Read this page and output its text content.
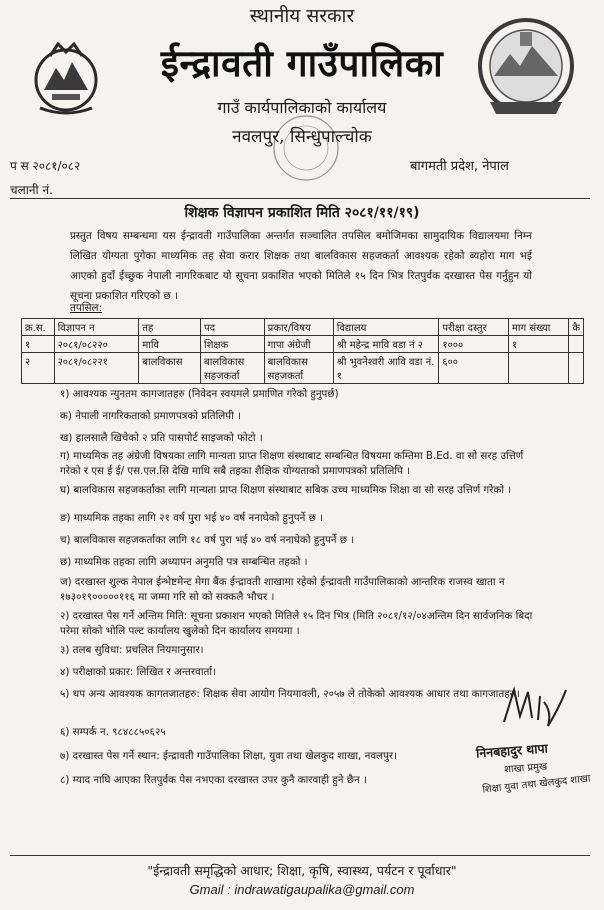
स्थानीय सरकार
ईन्द्रावती गाउँपालिका
गाउँ कार्यपालिकाको कार्यालय
नवलपुर, सिन्धुपाल्चोक
प स २०८१/०८२
चलानी नं.
बागमती प्रदेश, नेपाल
शिक्षक विज्ञापन प्रकाशित मिति २०८१/११/१९)
प्रस्तुत विषय सम्बन्धमा यस ईन्द्रावती गाउँपालिका अन्तर्गत सञ्चालित तपसिल बमोजिमका सामुदायिक विद्यालयमा निम्न लिखित योग्यता पुगेका माध्यमिक तह सेवा करार शिक्षक तथा बालविकास सहजकर्ता आवश्यक रहेको ब्यहोरा माग भई आएको हुदाँ ईच्छुक नेपाली नागरिकबाट यो सूचना प्रकाशित भएको मितिले १५ दिन भित्र रितपुर्वक दरखास्त पेस गर्नुहुन यो सूचना प्रकाशित गरिएको छ ।
तपसिल:
क्र.स.	विज्ञापन न	तह	पद	प्रकार/विषय	विद्यालय	परीक्षा दस्तुर	माग संख्या	कै
१	२०८१/०८२२०	मावि	शिक्षक	गापा अंग्रेजी	श्री महेन्द्र मावि वडा नं २	१०००	१	
२	२०८१/०८२२१	बालविकास	बालविकास सहजकर्ता	बालविकास सहजकर्ता	श्री भुवनेश्वरी आवि वडा नं. १	६००		
१) आवश्यक न्युनतम कागजातहरु (निवेदन स्वयमले प्रमाणित गरेको हुनुपर्छ)
क) नेपाली नागरिकताको प्रमाणपत्रको प्रतिलिपी ।
ख) हालसालै खिचेको २ प्रति पासपोर्ट साइजको फोटो ।
ग) माध्यमिक तह अंग्रेजी विषयका लागि मान्यता प्राप्त शिक्षण संस्थाबाट सम्बन्धित विषयमा कम्तिमा B.Ed. वा सो सरह उत्तिर्ण गरेको र एस ई ई/ एस.एल.सि देखि माथि सबै तहका शैक्षिक योग्यताको प्रमाणपत्रको प्रतिलिपि ।
घ) बालविकास सहजकर्ताका लागि मान्यता प्राप्त शिक्षण संस्थाबाट सबिक उच्च माध्यमिक शिक्षा वा सो सरह उत्तिर्ण गरेको ।
ङ) माध्यमिक तहका लागि २१ वर्ष पुरा भई ४० वर्ष ननाघेको हुनुपर्ने छ ।
च) बालविकास सहजकर्ताका लागि १८ वर्ष पुरा भई ४० वर्ष ननाघेको हुनुपर्ने छ ।
छ) माध्यमिक तहका लागि अध्यापन अनुमति पत्र सम्बन्धित तहको ।
ज) दरखास्त शुल्क नेपाल ईन्भेष्टमेन्ट मेगा बैंक ईन्द्रावती शाखामा रहेको ईन्द्रावती गाउँपालिकाको आन्तरिक राजस्व खाता न १७३०१९०००००११६ मा जम्मा गरि सो को सक्कलै भौचर ।
२) दरखास्त पेस गर्ने अन्तिम मिति: सूचना प्रकाशन भएको मितिले १५ दिन भित्र (मिति २०८१/१२/०४अन्तिम दिन सार्वजनिक बिदा परेमा सोको भोलि पल्ट कार्यालय खुलेको दिन कार्यालय समयमा ।
३) तलब सुविधा: प्रचलित नियमानुसार।
४) परीक्षाको प्रकार: लिखित र अन्तरवार्ता।
५) थप अन्य आवश्यक कागतजातहरु: शिक्षक सेवा आयोग नियमावली, २०५७ ले तोकेको आवश्यक आधार तथा कागजातहरु।
६) सम्पर्क न. ९८४८८५०६२५
७) दरखास्त पेस गर्ने स्थान: ईन्द्रावती गाउँपालिका शिक्षा, युवा तथा खेलकुद शाखा, नवलपुर।
८) म्याद नाघि आएका रितपुर्वक पेस नभएका दरखास्त उपर कुनै कारवाही हुने छैन ।
निनबहादुर थापा
शाखा प्रमुख
शिक्षा युवा तथा खेलकुद शाखा
"ईन्द्रावती समृद्धिको आधार; शिक्षा, कृषि, स्वास्थ्य, पर्यटन र पूर्वाधार"
Gmail : indrawatigaupalika@gmail.com
